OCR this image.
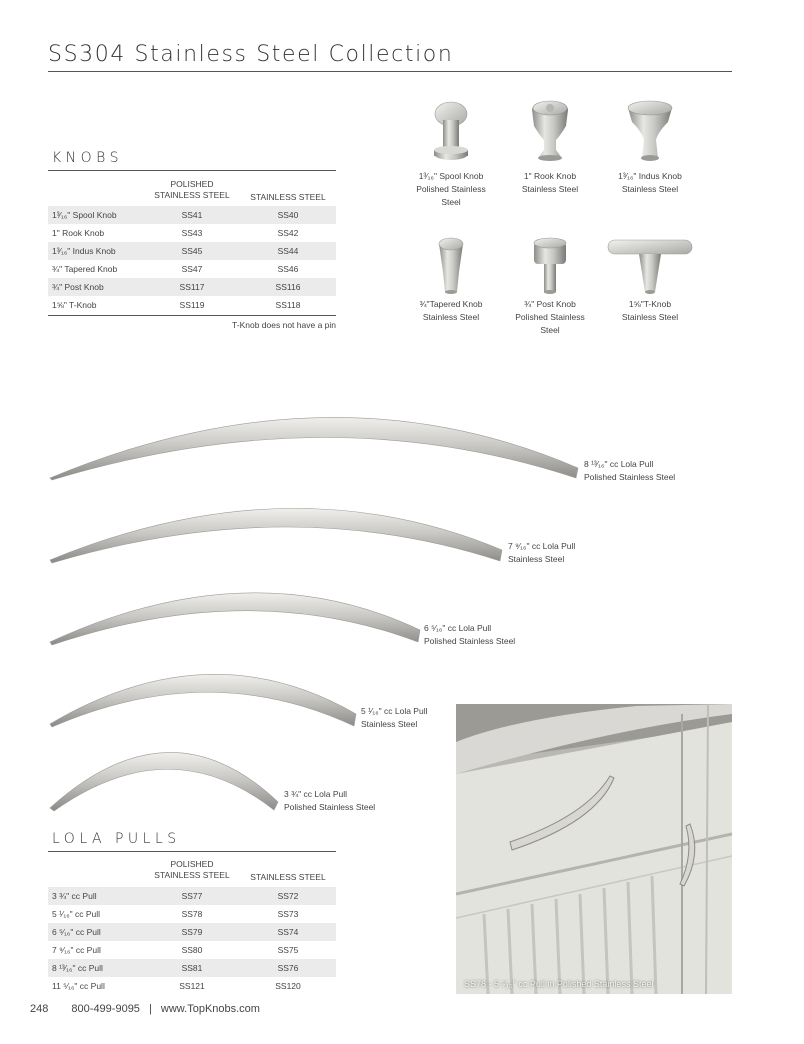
SS304 Stainless Steel Collection
KNOBS
POLISHED
STAINLESS STEEL	STAINLESS STEEL
1³⁄₁₆" Spool Knob	SS41	SS40
1" Rook Knob	SS43	SS42
1³⁄₁₆" Indus Knob	SS45	SS44
¾" Tapered Knob	SS47	SS46
¾" Post Knob	SS117	SS116
1⅝" T-Knob	SS119	SS118
T-Knob does not have a pin
1³⁄₁₆" Spool Knob
Polished Stainless
Steel
1" Rook Knob
Stainless Steel
1³⁄₁₆" Indus Knob
Stainless Steel
¾"Tapered Knob
Stainless Steel
¾" Post Knob
Polished Stainless
Steel
1⅝"T-Knob
Stainless Steel
8 ¹³⁄₁₆" cc Lola Pull
Polished Stainless Steel
7 ⁹⁄₁₆" cc Lola Pull
Stainless Steel
6 ⁵⁄₁₆" cc Lola Pull
Polished Stainless Steel
5 ¹⁄₁₆" cc Lola Pull
Stainless Steel
3 ¾" cc Lola Pull
Polished Stainless Steel
LOLA PULLS
POLISHED
STAINLESS STEEL	STAINLESS STEEL
3 ¾" cc Pull	SS77	SS72
5 ¹⁄₁₆" cc Pull	SS78	SS73
6 ⁵⁄₁₆" cc Pull	SS79	SS74
7 ⁹⁄₁₆" cc Pull	SS80	SS75
8 ¹³⁄₁₆" cc Pull	SS81	SS76
11 ⁵⁄₁₆" cc Pull	SS121	SS120	SS78 - 5 ¹⁄₁₆" cc Pull in Polished Stainless Steel
248 800-499-9095 | www.TopKnobs.com
